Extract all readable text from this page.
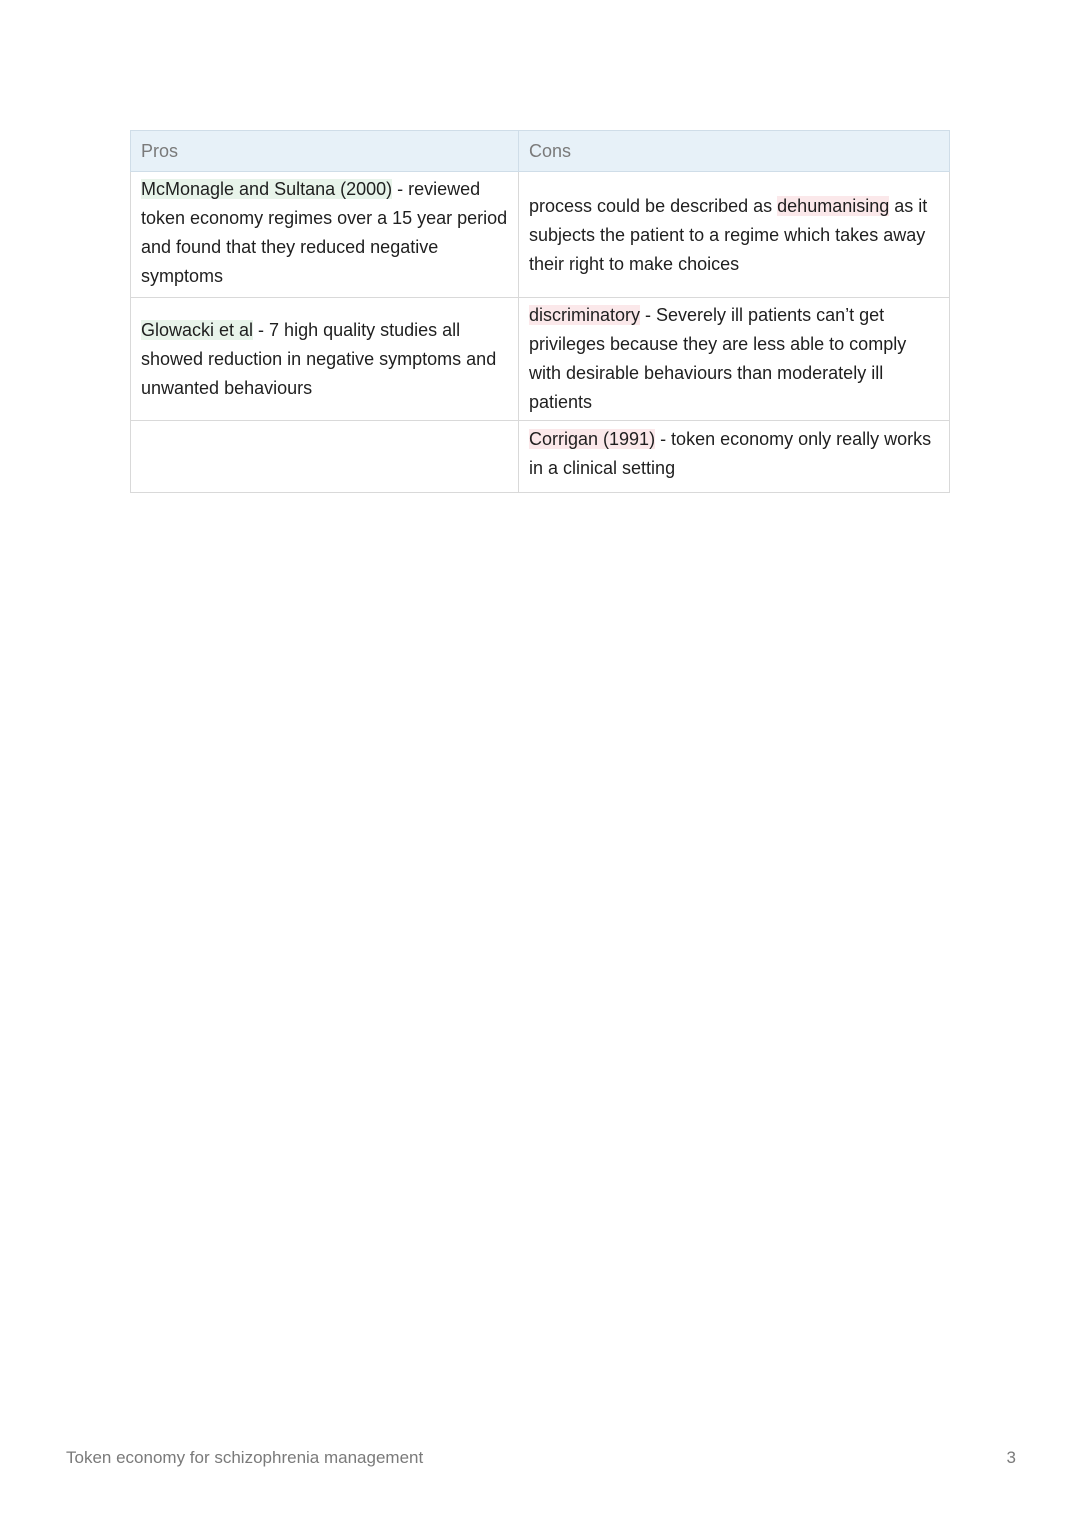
Pros	Cons
McMonagle and Sultana (2000) - reviewed token economy regimes over a 15 year period and found that they reduced negative symptoms	process could be described as dehumanising as it subjects the patient to a regime which takes away their right to make choices
Glowacki et al - 7 high quality studies all showed reduction in negative symptoms and unwanted behaviours	discriminatory - Severely ill patients can’t get privileges because they are less able to comply with desirable behaviours than moderately ill patients
	Corrigan (1991) - token economy only really works in a clinical setting
Token economy for schizophrenia management	3
